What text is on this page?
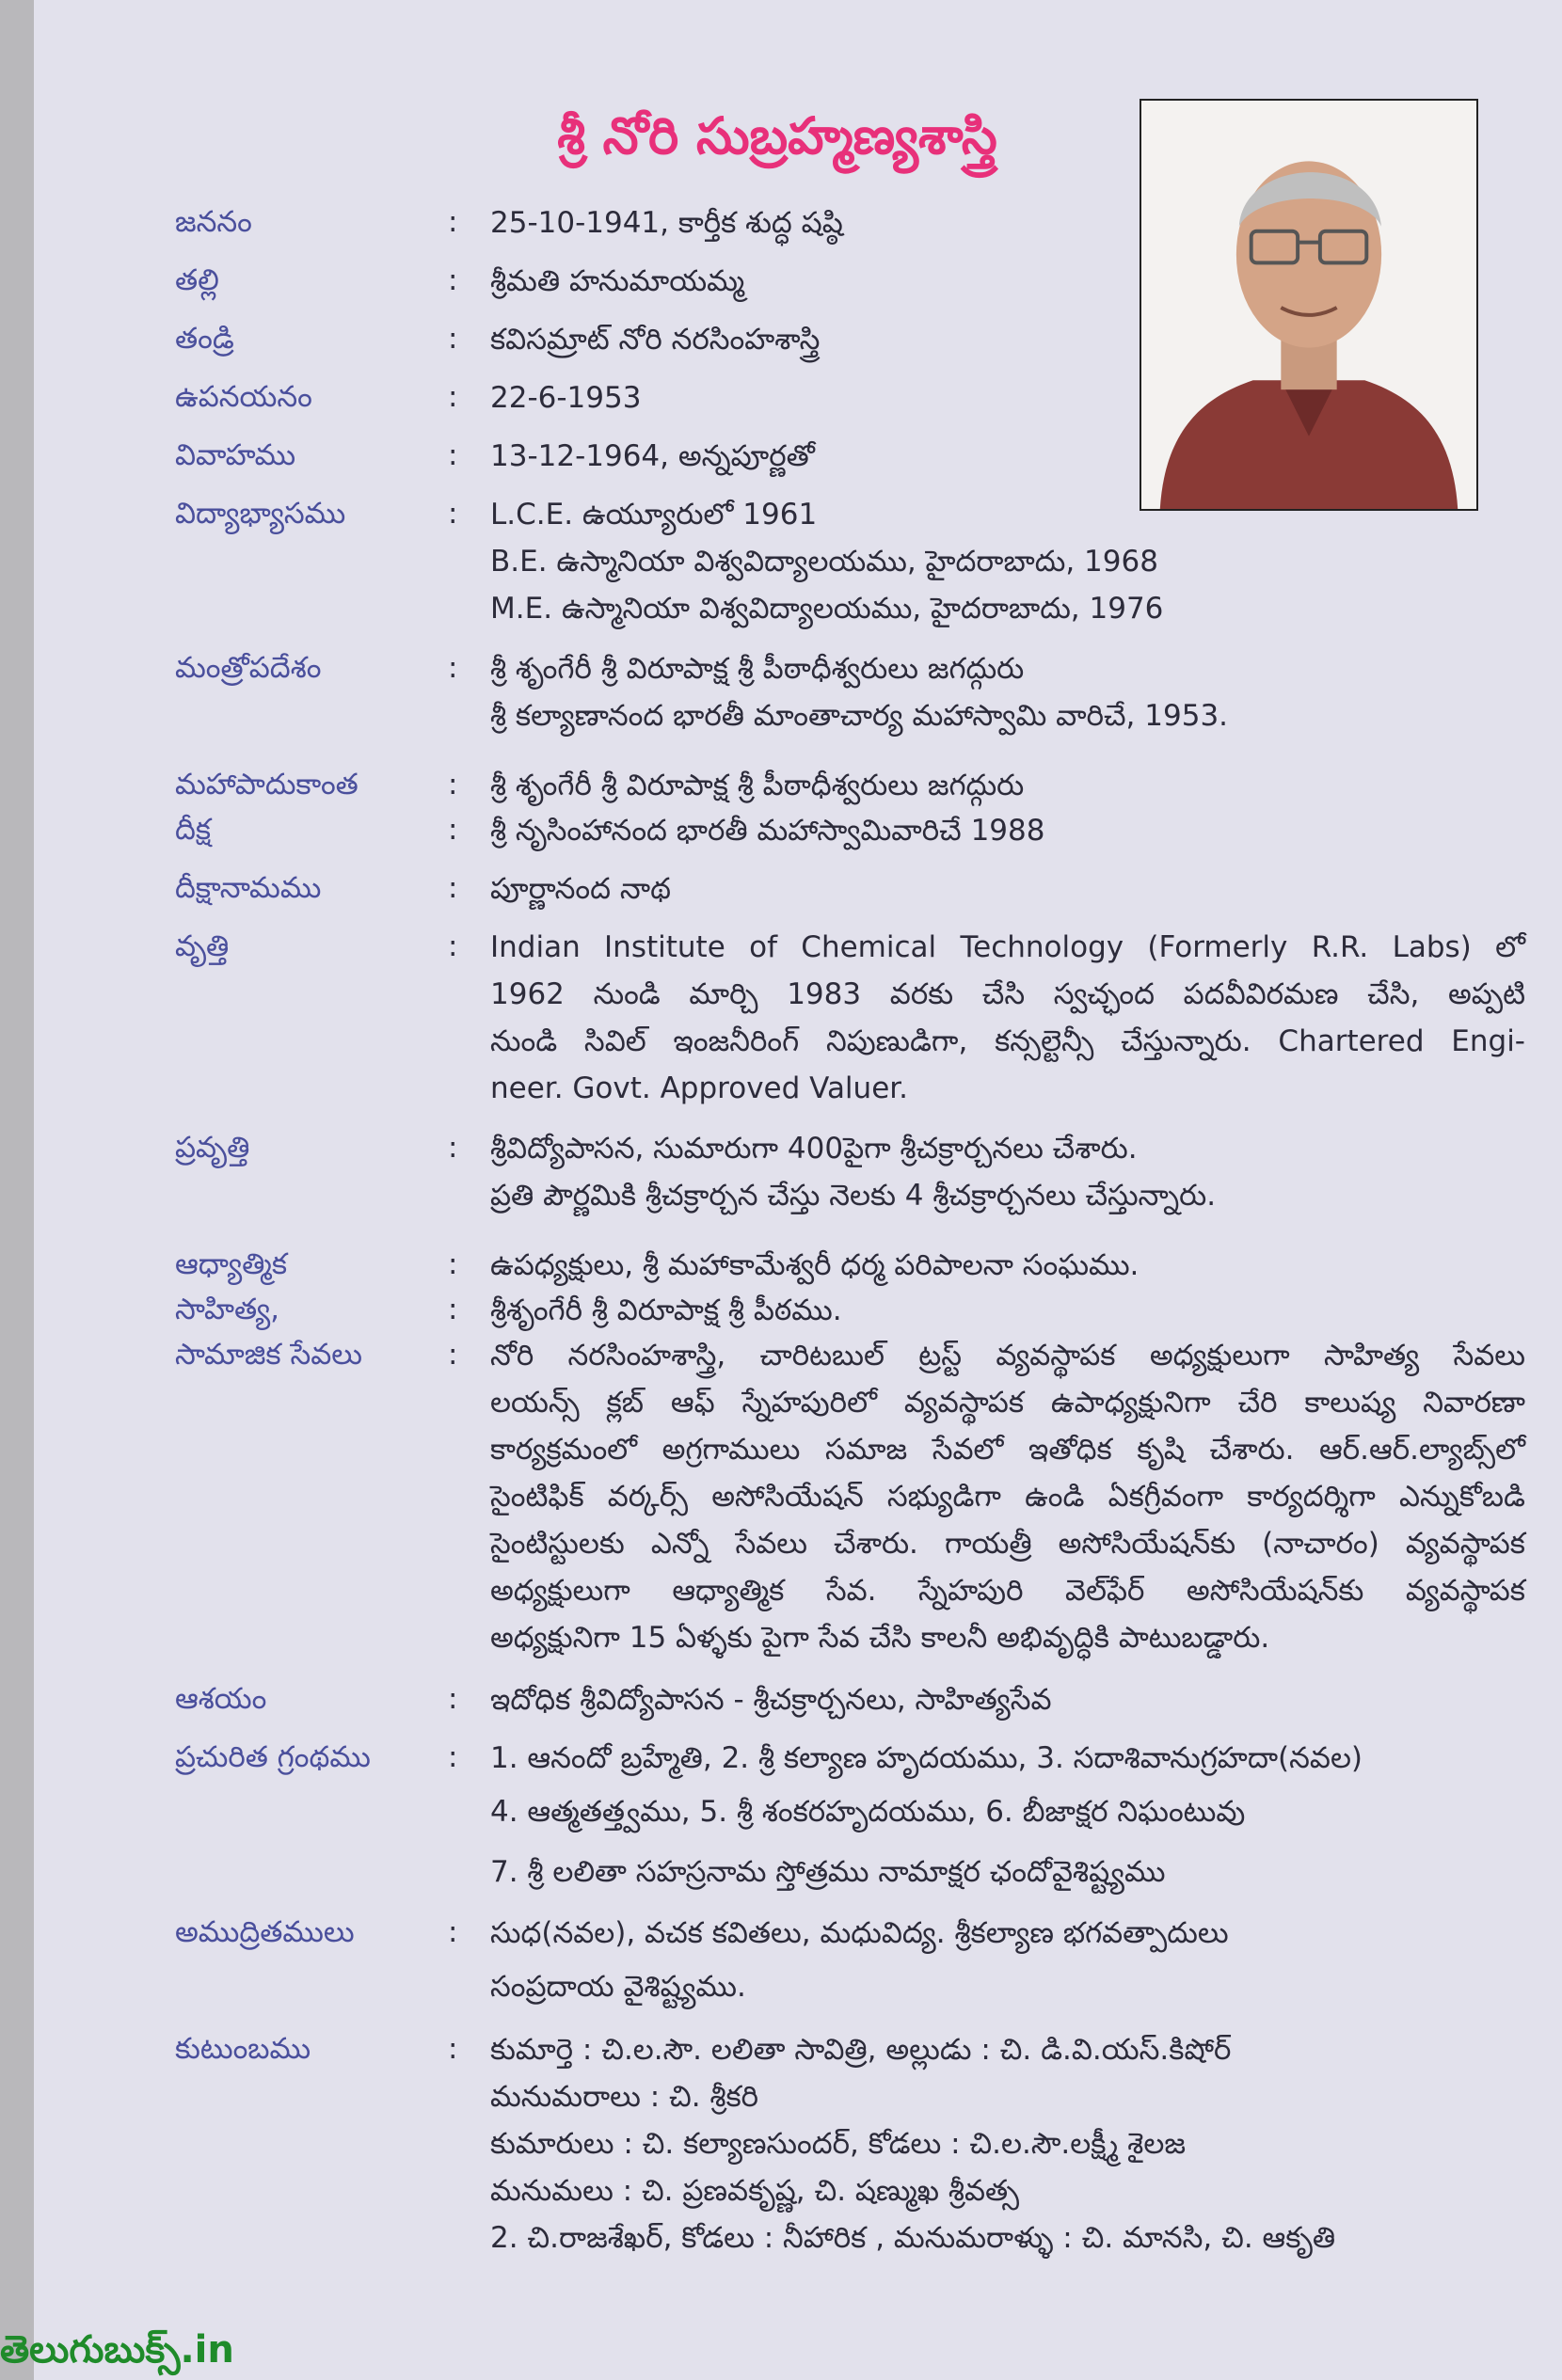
శ్రీ నోరి సుబ్రహ్మణ్యశాస్త్రి
జననం	:	25-10-1941, కార్తీక శుద్ధ షష్ఠి
తల్లి	:	శ్రీమతి హనుమాయమ్మ
తండ్రి	:	కవిసమ్రాట్ నోరి నరసింహశాస్త్రి
ఉపనయనం	:	22-6-1953
వివాహము	:	13-12-1964, అన్నపూర్ణతో
విద్యాభ్యాసము	:	L.C.E. ఉయ్యూరులో 1961
B.E. ఉస్మానియా విశ్వవిద్యాలయము, హైదరాబాదు, 1968
M.E. ఉస్మానియా విశ్వవిద్యాలయము, హైదరాబాదు, 1976
మంత్రోపదేశం	:	శ్రీ శృంగేరీ శ్రీ విరూపాక్ష శ్రీ పీఠాధీశ్వరులు జగద్గురు
శ్రీ కల్యాణానంద భారతీ మాంతాచార్య మహాస్వామి వారిచే, 1953.
మహాపాదుకాంత	:	శ్రీ శృంగేరీ శ్రీ విరూపాక్ష శ్రీ పీఠాధీశ్వరులు జగద్గురు
దీక్ష	:	శ్రీ నృసింహానంద భారతీ మహాస్వామివారిచే 1988
దీక్షానామము	:	పూర్ణానంద నాథ
వృత్తి	:	Indian Institute of Chemical Technology (Formerly R.R. Labs) లో
1962 నుండి మార్చి 1983 వరకు చేసి స్వచ్ఛంద పదవీవిరమణ చేసి, అప్పటి
నుండి సివిల్ ఇంజనీరింగ్ నిపుణుడిగా, కన్సల్టెన్సీ చేస్తున్నారు. Chartered Engi-
neer. Govt. Approved Valuer.
ప్రవృత్తి	:	శ్రీవిద్యోపాసన, సుమారుగా 400పైగా శ్రీచక్రార్చనలు చేశారు.
ప్రతి పౌర్ణమికి శ్రీచక్రార్చన చేస్తు నెలకు 4 శ్రీచక్రార్చనలు చేస్తున్నారు.
ఆధ్యాత్మిక	:	ఉపధ్యక్షులు, శ్రీ మహాకామేశ్వరీ ధర్మ పరిపాలనా సంఘము.
సాహిత్య,	:	శ్రీశృంగేరీ శ్రీ విరూపాక్ష శ్రీ పీఠము.
సామాజిక సేవలు	:	నోరి నరసింహశాస్త్రి, చారిటబుల్ ట్రస్ట్ వ్యవస్థాపక అధ్యక్షులుగా సాహిత్య సేవలు
లయన్స్ క్లబ్ ఆఫ్ స్నేహపురిలో వ్యవస్థాపక ఉపాధ్యక్షునిగా చేరి కాలుష్య నివారణా
కార్యక్రమంలో అగ్రగాములు సమాజ సేవలో ఇతోధిక కృషి చేశారు. ఆర్.ఆర్.ల్యాబ్స్‌లో
సైంటిఫిక్ వర్కర్స్ అసోసియేషన్ సభ్యుడిగా ఉండి ఏకగ్రీవంగా కార్యదర్శిగా ఎన్నుకోబడి
సైంటిస్టులకు ఎన్నో సేవలు చేశారు. గాయత్రీ అసోసియేషన్‌కు (నాచారం) వ్యవస్థాపక
అధ్యక్షులుగా ఆధ్యాత్మిక సేవ. స్నేహపురి వెల్‌ఫేర్ అసోసియేషన్‌కు వ్యవస్థాపక
అధ్యక్షునిగా 15 ఏళ్ళకు పైగా సేవ చేసి కాలనీ అభివృద్ధికి పాటుబడ్డారు.
ఆశయం	:	ఇదోధిక శ్రీవిద్యోపాసన - శ్రీచక్రార్చనలు, సాహిత్యసేవ
ప్రచురిత గ్రంథము	:	1. ఆనందో బ్రహ్మేతి, 2. శ్రీ కల్యాణ హృదయము, 3. సదాశివానుగ్రహదా(నవల)
4. ఆత్మతత్త్వము, 5. శ్రీ శంకరహృదయము, 6. బీజాక్షర నిఘంటువు
7. శ్రీ లలితా సహస్రనామ స్తోత్రము నామాక్షర ఛందోవైశిష్ట్యము
అముద్రితములు	:	సుధ(నవల), వచక కవితలు, మధువిద్య. శ్రీకల్యాణ భగవత్పాదులు
సంప్రదాయ వైశిష్ట్యము.
కుటుంబము	:	కుమార్తె : చి.ల.సౌ. లలితా సావిత్రి, అల్లుడు : చి. డి.వి.యస్.కిషోర్
మనుమరాలు : చి. శ్రీకరి
కుమారులు : చి. కల్యాణసుందర్, కోడలు : చి.ల.సౌ.లక్ష్మీ శైలజ
మనుమలు : చి. ప్రణవకృష్ణ, చి. షణ్ముఖ శ్రీవత్స
2. చి.రాజశేఖర్, కోడలు : నీహారిక , మనుమరాళ్ళు : చి. మానసి, చి. ఆకృతి
తెలుగుబుక్స్.in
